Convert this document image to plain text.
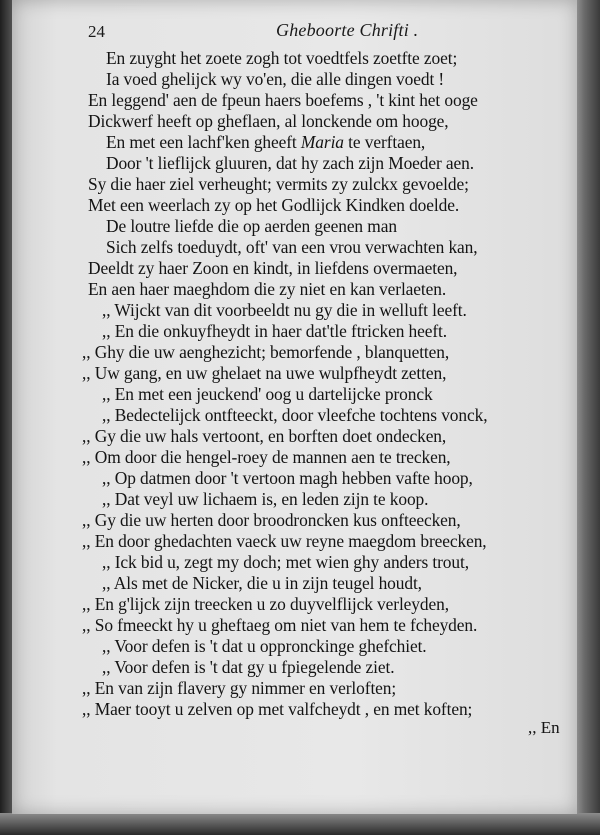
24	Gheboorte Chrifti .
En zuyght het zoete zogh tot voedtfels zoetfte zoet;
Ia voed ghelijck wy vo'en, die alle dingen voedt !
En leggend' aen de fpeun haers boefems , 't kint het ooge
Dickwerf heeft op gheflaen, al lonckende om hooge,
En met een lachf'ken gheeft Maria te verftaen,
Door 't lieflijck gluuren, dat hy zach zijn Moeder aen.
Sy die haer ziel verheught; vermits zy zulckx gevoelde;
Met een weerlach zy op het Godlijck Kindken doelde.
De loutre liefde die op aerden geenen man
Sich zelfs toeduydt, oft' van een vrou verwachten kan,
Deeldt zy haer Zoon en kindt, in liefdens overmaeten,
En aen haer maeghdom die zy niet en kan verlaeten.
,, Wijckt van dit voorbeeldt nu gy die in welluft leeft.
,, En die onkuyfheydt in haer dat'tle ftricken heeft.
,, Ghy die uw aenghezicht; bemorfende , blanquetten,
,, Uw gang, en uw ghelaet na uwe wulpfheydt zetten,
,, En met een jeuckend' oog u dartelijcke pronck
,, Bedectelijck ontfteeckt, door vleefche tochtens vonck,
,, Gy die uw hals vertoont, en borften doet ondecken,
,, Om door die hengel-roey de mannen aen te trecken,
,, Op datmen door 't vertoon magh hebben vafte hoop,
,, Dat veyl uw lichaem is, en leden zijn te koop.
,, Gy die uw herten door broodroncken kus onfteecken,
,, En door ghedachten vaeck uw reyne maegdom breecken,
,, Ick bid u, zegt my doch; met wien ghy anders trout,
,, Als met de Nicker, die u in zijn teugel houdt,
,, En g'lijck zijn treecken u zo duyvelflijck verleyden,
,, So fmeeckt hy u gheftaeg om niet van hem te fcheyden.
,, Voor defen is 't dat u oppronckinge ghefchiet.
,, Voor defen is 't dat gy u fpiegelende ziet.
,, En van zijn flavery gy nimmer en verloften;
,, Maer tooyt u zelven op met valfcheydt , en met koften;
,, En
